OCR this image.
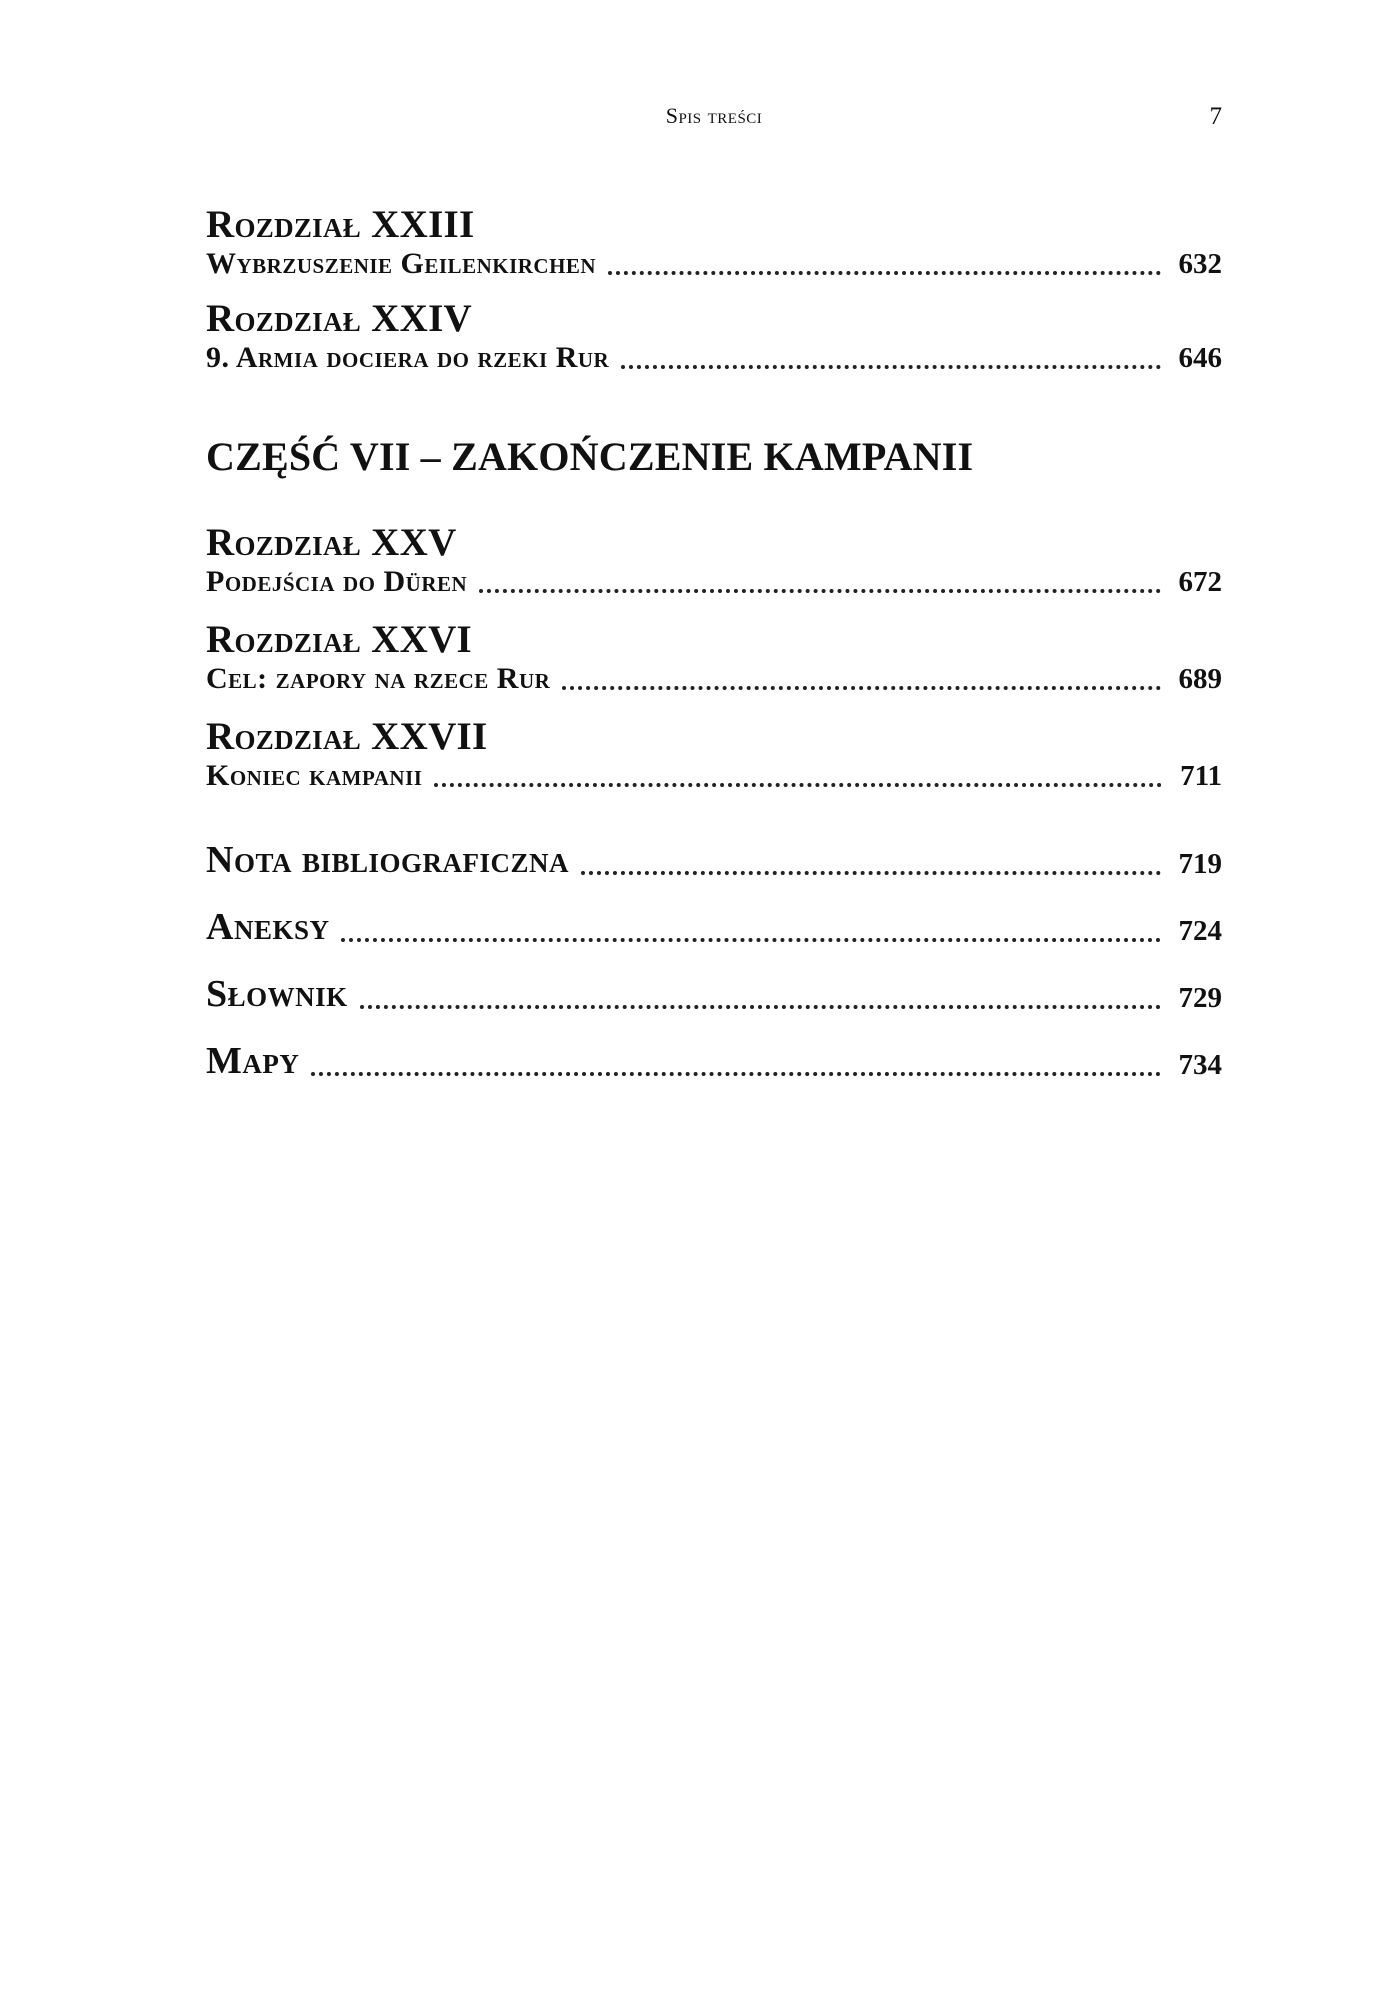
Spis treści	7
Rozdział XXIII
Wybrzuszenie Geilenkirchen	632
Rozdział XXIV
9. Armia dociera do rzeki Rur	646
CZĘŚĆ VII – ZAKOŃCZENIE KAMPANII
Rozdział XXV
Podejścia do Düren	672
Rozdział XXVI
Cel: zapory na rzece Rur	689
Rozdział XXVII
Koniec kampanii	711
Nota bibliograficzna	719
Aneksy	724
Słownik	729
Mapy	734
